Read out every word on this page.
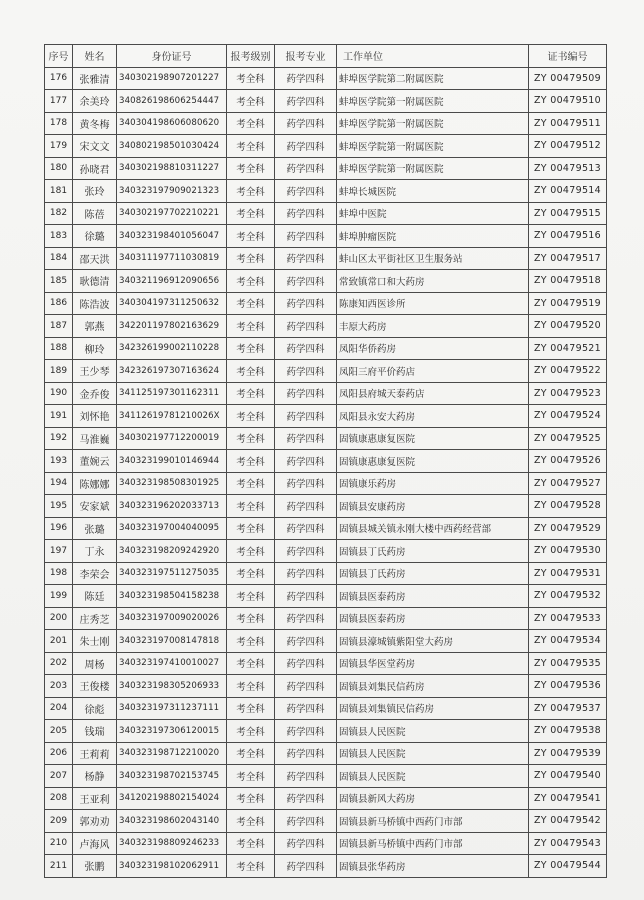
序号	姓名	身份证号	报考级别	报考专业	工作单位	证书编号
176	张雅清	340302198907201227	考全科	药学四科	蚌埠医学院第二附属医院	ZY 00479509
177	余美玲	340826198606254447	考全科	药学四科	蚌埠医学院第一附属医院	ZY 00479510
178	黄冬梅	340304198606080620	考全科	药学四科	蚌埠医学院第一附属医院	ZY 00479511
179	宋文文	340802198501030424	考全科	药学四科	蚌埠医学院第一附属医院	ZY 00479512
180	孙晓君	340302198810311227	考全科	药学四科	蚌埠医学院第一附属医院	ZY 00479513
181	张玲	340323197909021323	考全科	药学四科	蚌埠长城医院	ZY 00479514
182	陈蓓	340302197702210221	考全科	药学四科	蚌埠中医院	ZY 00479515
183	徐璐	340323198401056047	考全科	药学四科	蚌埠肿瘤医院	ZY 00479516
184	邵天洪	340311197711030819	考全科	药学四科	蚌山区太平街社区卫生服务站	ZY 00479517
185	耿德清	340321196912090656	考全科	药学四科	常致镇常口和大药房	ZY 00479518
186	陈浩波	340304197311250632	考全科	药学四科	陈康知西医诊所	ZY 00479519
187	郭燕	342201197802163629	考全科	药学四科	丰原大药房	ZY 00479520
188	柳玲	342326199002110228	考全科	药学四科	凤阳华侨药房	ZY 00479521
189	王少琴	342326197307163624	考全科	药学四科	凤阳三府平价药店	ZY 00479522
190	金乔俊	341125197301162311	考全科	药学四科	凤阳县府城天泰药店	ZY 00479523
191	刘怀艳	34112619781210026X	考全科	药学四科	凤阳县永安大药房	ZY 00479524
192	马淮巍	340302197712200019	考全科	药学四科	固镇康惠康复医院	ZY 00479525
193	董婉云	340323199010146944	考全科	药学四科	固镇康惠康复医院	ZY 00479526
194	陈娜娜	340323198508301925	考全科	药学四科	固镇康乐药房	ZY 00479527
195	安家斌	340323196202033713	考全科	药学四科	固镇县安康药房	ZY 00479528
196	张璐	340323197004040095	考全科	药学四科	固镇县城关镇永刚大楼中西药经营部	ZY 00479529
197	丁永	340323198209242920	考全科	药学四科	固镇县丁氏药房	ZY 00479530
198	李荣会	340323197511275035	考全科	药学四科	固镇县丁氏药房	ZY 00479531
199	陈廷	340323198504158238	考全科	药学四科	固镇县医泰药房	ZY 00479532
200	庄秀芝	340323197009020026	考全科	药学四科	固镇县医泰药房	ZY 00479533
201	朱士刚	340323197008147818	考全科	药学四科	固镇县濠城镇紫阳堂大药房	ZY 00479534
202	周杨	340323197410010027	考全科	药学四科	固镇县华医堂药房	ZY 00479535
203	王俊楼	340323198305206933	考全科	药学四科	固镇县刘集民信药房	ZY 00479536
204	徐彪	340323197311237111	考全科	药学四科	固镇县刘集镇民信药房	ZY 00479537
205	钱瑞	340323197306120015	考全科	药学四科	固镇县人民医院	ZY 00479538
206	王莉莉	340323198712210020	考全科	药学四科	固镇县人民医院	ZY 00479539
207	杨静	340323198702153745	考全科	药学四科	固镇县人民医院	ZY 00479540
208	王亚利	341202198802154024	考全科	药学四科	固镇县新风大药房	ZY 00479541
209	郭劝劝	340323198602043140	考全科	药学四科	固镇县新马桥镇中西药门市部	ZY 00479542
210	卢海风	340323198809246233	考全科	药学四科	固镇县新马桥镇中西药门市部	ZY 00479543
211	张鹏	340323198102062911	考全科	药学四科	固镇县张华药房	ZY 00479544
